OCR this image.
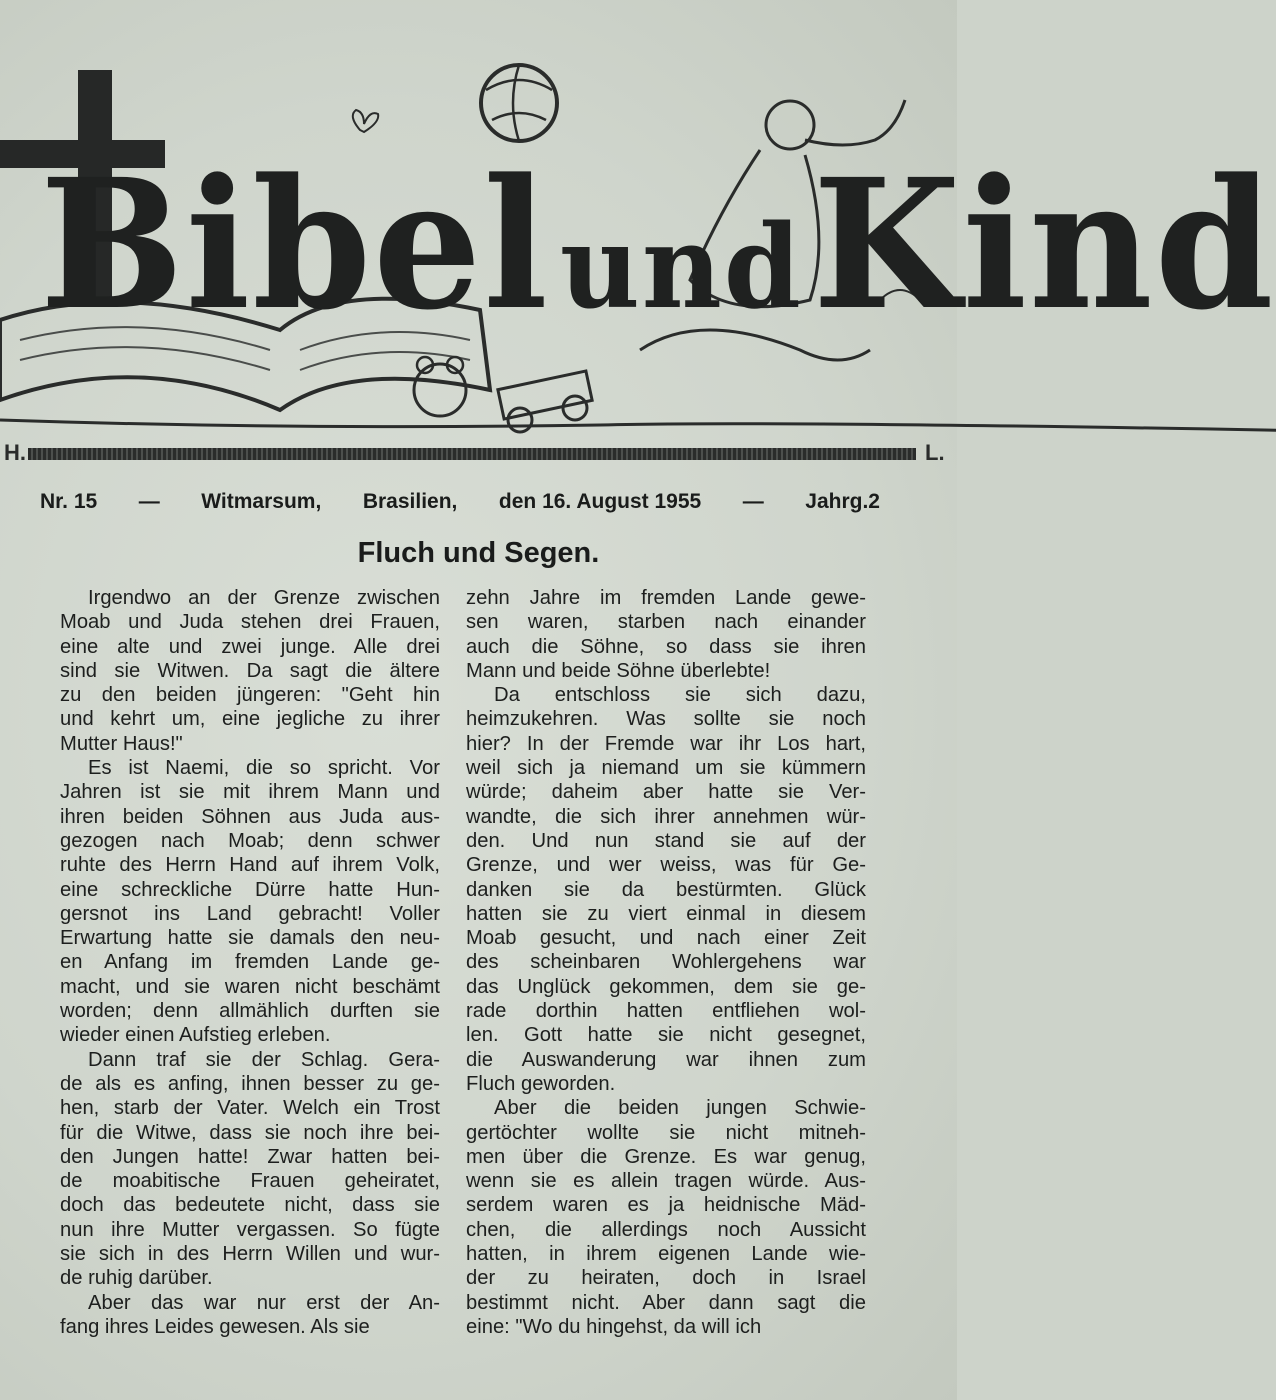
BibelundKind
H.	L.
Nr. 15 — Witmarsum, Brasilien, den 16. August 1955 — Jahrg.2
Fluch und Segen.
Irgendwo an der Grenze zwischen
Moab und Juda stehen drei Frauen,
eine alte und zwei junge. Alle drei
sind sie Witwen. Da sagt die ältere
zu den beiden jüngeren: "Geht hin
und kehrt um, eine jegliche zu ihrer
Mutter Haus!"
Es ist Naemi, die so spricht. Vor
Jahren ist sie mit ihrem Mann und
ihren beiden Söhnen aus Juda aus-
gezogen nach Moab; denn schwer
ruhte des Herrn Hand auf ihrem Volk,
eine schreckliche Dürre hatte Hun-
gersnot ins Land gebracht! Voller
Erwartung hatte sie damals den neu-
en Anfang im fremden Lande ge-
macht, und sie waren nicht beschämt
worden; denn allmählich durften sie
wieder einen Aufstieg erleben.
Dann traf sie der Schlag. Gera-
de als es anfing, ihnen besser zu ge-
hen, starb der Vater. Welch ein Trost
für die Witwe, dass sie noch ihre bei-
den Jungen hatte! Zwar hatten bei-
de moabitische Frauen geheiratet,
doch das bedeutete nicht, dass sie
nun ihre Mutter vergassen. So fügte
sie sich in des Herrn Willen und wur-
de ruhig darüber.
Aber das war nur erst der An-
fang ihres Leides gewesen. Als sie
zehn Jahre im fremden Lande gewe-
sen waren, starben nach einander
auch die Söhne, so dass sie ihren
Mann und beide Söhne überlebte!
Da entschloss sie sich dazu,
heimzukehren. Was sollte sie noch
hier? In der Fremde war ihr Los hart,
weil sich ja niemand um sie kümmern
würde; daheim aber hatte sie Ver-
wandte, die sich ihrer annehmen wür-
den. Und nun stand sie auf der
Grenze, und wer weiss, was für Ge-
danken sie da bestürmten. Glück
hatten sie zu viert einmal in diesem
Moab gesucht, und nach einer Zeit
des scheinbaren Wohlergehens war
das Unglück gekommen, dem sie ge-
rade dorthin hatten entfliehen wol-
len. Gott hatte sie nicht gesegnet,
die Auswanderung war ihnen zum
Fluch geworden.
Aber die beiden jungen Schwie-
gertöchter wollte sie nicht mitneh-
men über die Grenze. Es war genug,
wenn sie es allein tragen würde. Aus-
serdem waren es ja heidnische Mäd-
chen, die allerdings noch Aussicht
hatten, in ihrem eigenen Lande wie-
der zu heiraten, doch in Israel
bestimmt nicht. Aber dann sagt die
eine: "Wo du hingehst, da will ich
